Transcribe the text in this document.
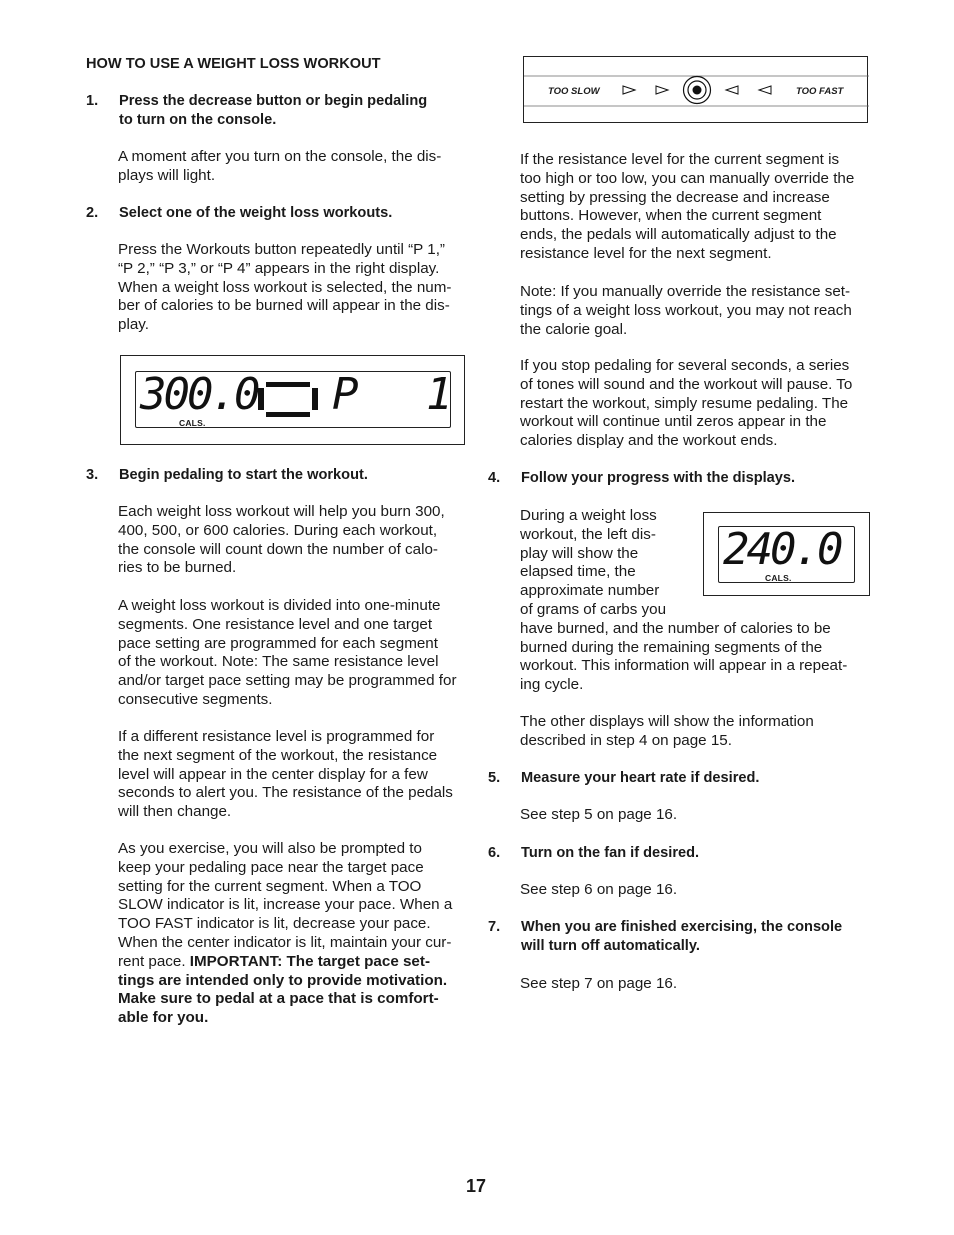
HOW TO USE A WEIGHT LOSS WORKOUT
1. Press the decrease button or begin pedaling
to turn on the console.
A moment after you turn on the console, the dis-
plays will light.
2. Select one of the weight loss workouts.
Press the Workouts button repeatedly until “P 1,”
“P 2,” “P 3,” or “P 4” appears in the right display.
When a weight loss workout is selected, the num-
ber of calories to be burned will appear in the dis-
play.
300.0
CALS.
P 1
3. Begin pedaling to start the workout.
Each weight loss workout will help you burn 300,
400, 500, or 600 calories. During each workout,
the console will count down the number of calo-
ries to be burned.
A weight loss workout is divided into one-minute
segments. One resistance level and one target
pace setting are programmed for each segment
of the workout. Note: The same resistance level
and/or target pace setting may be programmed for
consecutive segments.
If a different resistance level is programmed for
the next segment of the workout, the resistance
level will appear in the center display for a few
seconds to alert you. The resistance of the pedals
will then change.
As you exercise, you will also be prompted to
keep your pedaling pace near the target pace
setting for the current segment. When a TOO
SLOW indicator is lit, increase your pace. When a
TOO FAST indicator is lit, decrease your pace.
When the center indicator is lit, maintain your cur-
rent pace. IMPORTANT: The target pace set-
tings are intended only to provide motivation.
Make sure to pedal at a pace that is comfort-
able for you.
TOO SLOW	TOO FAST
If the resistance level for the current segment is
too high or too low, you can manually override the
setting by pressing the decrease and increase
buttons. However, when the current segment
ends, the pedals will automatically adjust to the
resistance level for the next segment.
Note: If you manually override the resistance set-
tings of a weight loss workout, you may not reach
the calorie goal.
If you stop pedaling for several seconds, a series
of tones will sound and the workout will pause. To
restart the workout, simply resume pedaling. The
workout will continue until zeros appear in the
calories display and the workout ends.
4. Follow your progress with the displays.
During a weight loss
workout, the left dis-
play will show the
elapsed time, the
approximate number
of grams of carbs you
have burned, and the number of calories to be
burned during the remaining segments of the
workout. This information will appear in a repeat-
ing cycle.
240.0
CALS.
The other displays will show the information
described in step 4 on page 15.
5. Measure your heart rate if desired.
See step 5 on page 16.
6. Turn on the fan if desired.
See step 6 on page 16.
7. When you are finished exercising, the console
will turn off automatically.
See step 7 on page 16.
17
